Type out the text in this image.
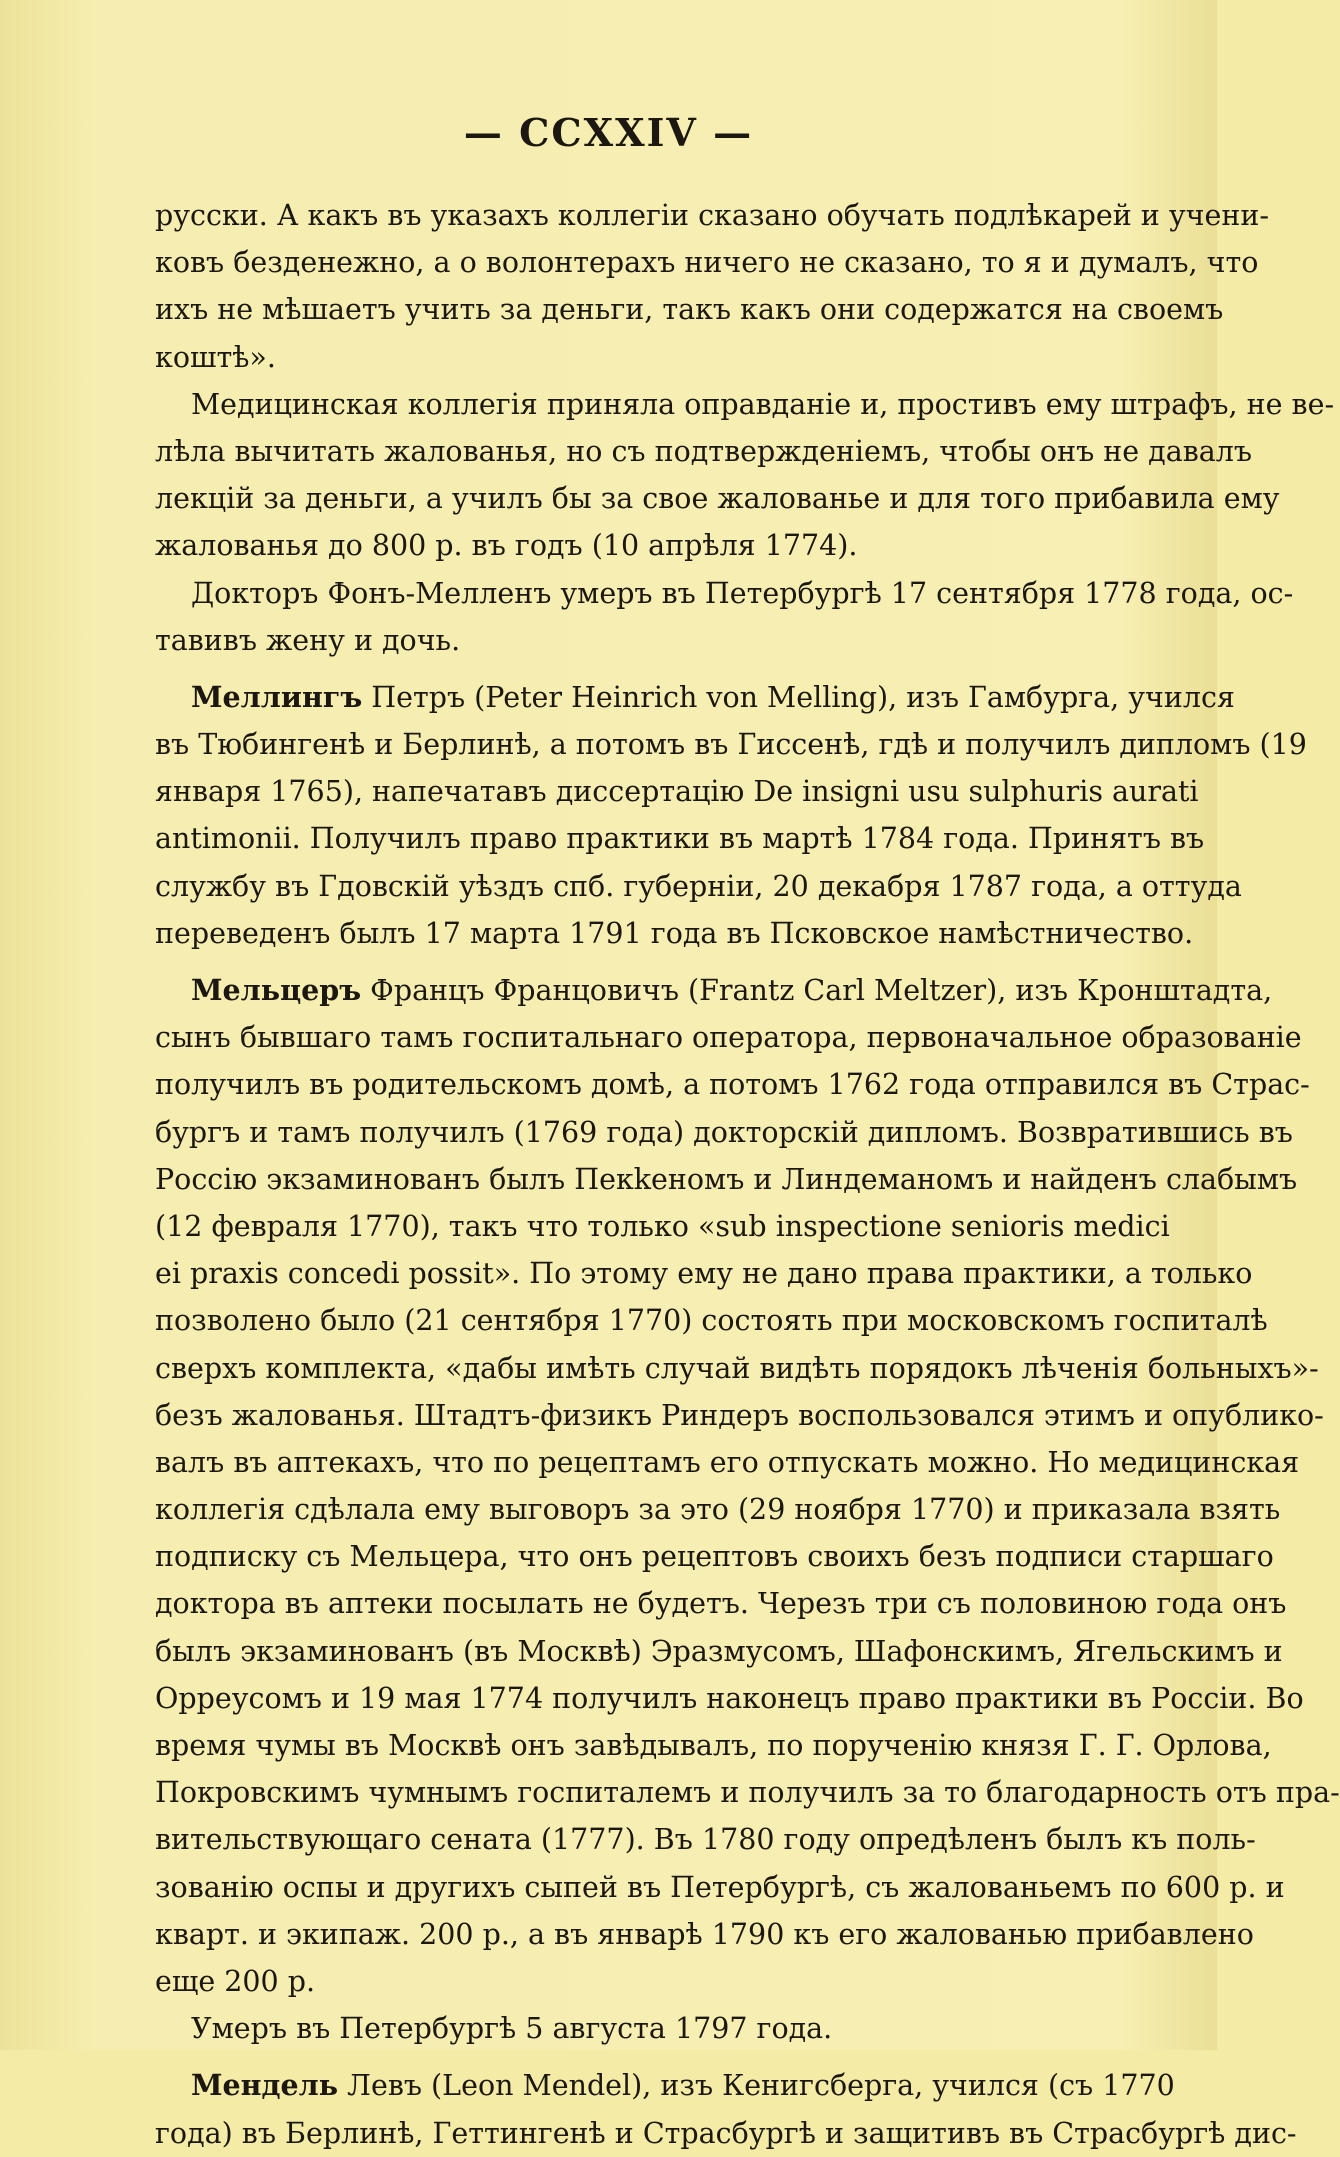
— CCXXIV —
русски. А какъ въ указахъ коллегіи сказано обучать подлѣкарей и учени-
ковъ безденежно, а о волонтерахъ ничего не сказано, то я и думалъ, что
ихъ не мѣшаетъ учить за деньги, такъ какъ они содержатся на своемъ
коштѣ».
Медицинская коллегія приняла оправданіе и, простивъ ему штрафъ, не ве-
лѣла вычитать жалованья, но съ подтвержденіемъ, чтобы онъ не давалъ
лекцій за деньги, а училъ бы за свое жалованье и для того прибавила ему
жалованья до 800 р. въ годъ (10 апрѣля 1774).
Докторъ Фонъ-Мелленъ умеръ въ Петербургѣ 17 сентября 1778 года, ос-
тавивъ жену и дочь.
Меллингъ Петръ (Peter Heinrich von Melling), изъ Гамбурга, учился
въ Тюбингенѣ и Берлинѣ, а потомъ въ Гиссенѣ, гдѣ и получилъ дипломъ (19
января 1765), напечатавъ диссертацію De insigni usu sulphuris aurati
antimonii. Получилъ право практики въ мартѣ 1784 года. Принятъ въ
службу въ Гдовскій уѣздъ спб. губерніи, 20 декабря 1787 года, а оттуда
переведенъ былъ 17 марта 1791 года въ Псковское намѣстничество.
Мельцеръ Францъ Францовичъ (Frantz Carl Meltzer), изъ Кронштадта,
сынъ бывшаго тамъ госпитальнаго оператора, первоначальное образованіе
получилъ въ родительскомъ домѣ, а потомъ 1762 года отправился въ Страс-
бургъ и тамъ получилъ (1769 года) докторскій дипломъ. Возвратившись въ
Россію экзаминованъ былъ Пекkеномъ и Линдеманомъ и найденъ слабымъ
(12 февраля 1770), такъ что только «sub inspectione senioris medici
ei praxis concedi possit». По этому ему не дано права практики, а только
позволено было (21 сентября 1770) состоять при московскомъ госпиталѣ
сверхъ комплекта, «дабы имѣть случай видѣть порядокъ лѣченія больныхъ»-
безъ жалованья. Штадтъ-физикъ Риндеръ воспользовался этимъ и опублико-
валъ въ аптекахъ, что по рецептамъ его отпускать можно. Но медицинская
коллегія сдѣлала ему выговоръ за это (29 ноября 1770) и приказала взять
подписку съ Мельцера, что онъ рецептовъ своихъ безъ подписи старшаго
доктора въ аптеки посылать не будетъ. Черезъ три съ половиною года онъ
былъ экзаминованъ (въ Москвѣ) Эразмусомъ, Шафонскимъ, Ягельскимъ и
Орреусомъ и 19 мая 1774 получилъ наконецъ право практики въ Россіи. Во
время чумы въ Москвѣ онъ завѣдывалъ, по порученію князя Г. Г. Орлова,
Покровскимъ чумнымъ госпиталемъ и получилъ за то благодарность отъ пра-
вительствующаго сената (1777). Въ 1780 году опредѣленъ былъ къ поль-
зованію оспы и другихъ сыпей въ Петербургѣ, съ жалованьемъ по 600 р. и
кварт. и экипаж. 200 р., а въ январѣ 1790 къ его жалованью прибавлено
еще 200 р.
Умеръ въ Петербургѣ 5 августа 1797 года.
Мендель Левъ (Leon Mendel), изъ Кенигсберга, учился (съ 1770
года) въ Берлинѣ, Геттингенѣ и Страсбургѣ и защитивъ въ Страсбургѣ дис-
